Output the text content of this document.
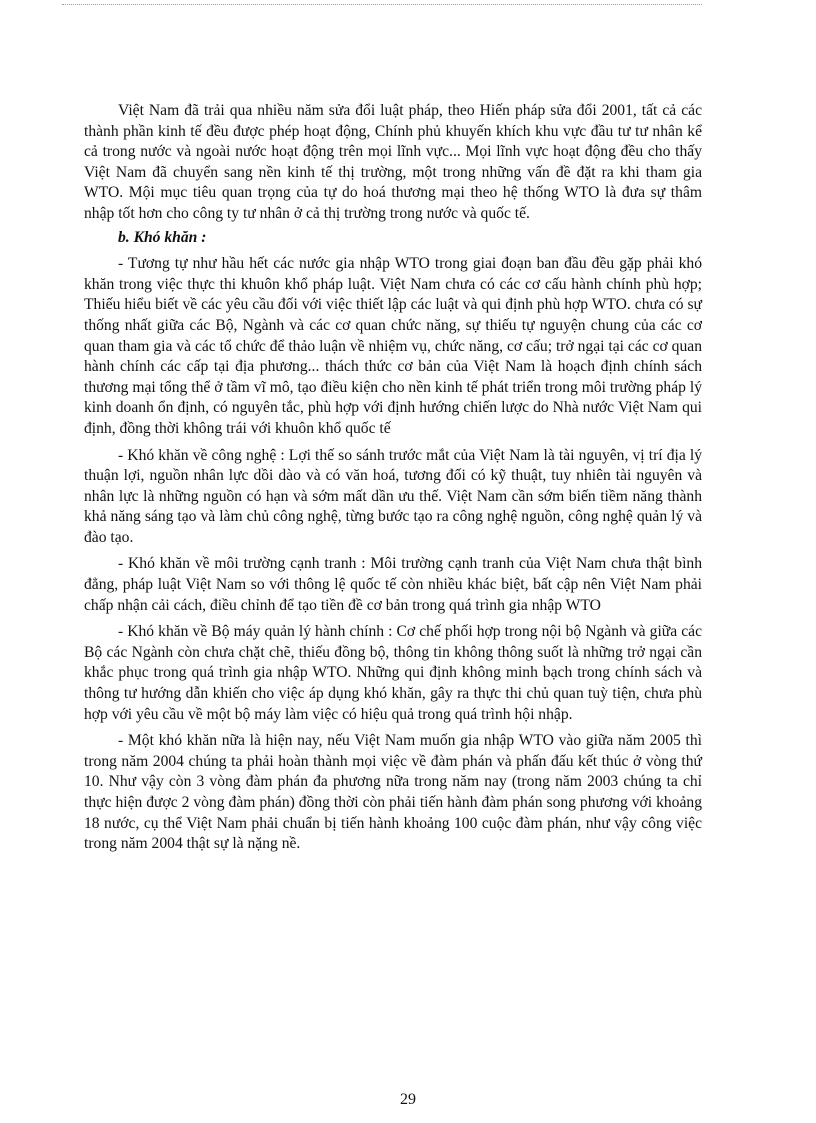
Việt Nam đã trải qua nhiều năm sửa đổi luật pháp, theo Hiến pháp sửa đổi 2001, tất cả các thành phần kinh tế đều được phép hoạt động, Chính phủ khuyến khích khu vực đầu tư tư nhân kể cả trong nước và ngoài nước hoạt động trên mọi lĩnh vực... Mọi lĩnh vực hoạt động đều cho thấy Việt Nam đã chuyển sang nền kinh tế thị trường, một trong những vấn đề đặt ra khi tham gia WTO. Mội mục tiêu quan trọng của tự do hoá thương mại theo hệ thống WTO là đưa sự thâm nhập tốt hơn cho công ty tư nhân ở cả thị trường trong nước và quốc tế.

b. Khó khăn :

- Tương tự như hầu hết các nước gia nhập WTO trong giai đoạn ban đầu đều gặp phải khó khăn trong việc thực thi khuôn khổ pháp luật. Việt Nam chưa có các cơ cấu hành chính phù hợp; Thiếu hiểu biết về các yêu cầu đối với việc thiết lập các luật và qui định phù hợp WTO. chưa có sự thống nhất giữa các Bộ, Ngành và các cơ quan chức năng, sự thiếu tự nguyện chung của các cơ quan tham gia và các tổ chức để thảo luận về nhiệm vụ, chức năng, cơ cấu; trở ngại tại các cơ quan hành chính các cấp tại địa phương... thách thức cơ bản của Việt Nam là hoạch định chính sách thương mại tổng thể ở tầm vĩ mô, tạo điều kiện cho nền kinh tế phát triển trong môi trường pháp lý kinh doanh ổn định, có nguyên tắc, phù hợp với định hướng chiến lược do Nhà nước Việt Nam qui định, đồng thời không trái với khuôn khổ quốc tế

- Khó khăn về công nghệ : Lợi thế so sánh trước mắt của Việt Nam là tài nguyên, vị trí địa lý thuận lợi, nguồn nhân lực dồi dào và có văn hoá, tương đối có kỹ thuật, tuy nhiên tài nguyên và nhân lực là những nguồn có hạn và sớm mất dần ưu thế. Việt Nam cần sớm biến tiềm năng thành khả năng sáng tạo và làm chủ công nghệ, từng bước tạo ra công nghệ nguồn, công nghệ quản lý và đào tạo.

- Khó khăn về môi trường cạnh tranh : Môi trường cạnh tranh của Việt Nam chưa thật bình đẳng, pháp luật Việt Nam so với thông lệ quốc tế còn nhiều khác biệt, bất cập nên Việt Nam phải chấp nhận cải cách, điều chỉnh để tạo tiền đề cơ bản trong quá trình gia nhập WTO

- Khó khăn về Bộ máy quản lý hành chính : Cơ chế phối hợp trong nội bộ Ngành và giữa các Bộ các Ngành còn chưa chặt chẽ, thiếu đồng bộ, thông tin không thông suốt là những trở ngại cần khắc phục trong quá trình gia nhập WTO. Những qui định không minh bạch trong chính sách và thông tư hướng dẫn khiến cho việc áp dụng khó khăn, gây ra thực thi chủ quan tuỳ tiện, chưa phù hợp với yêu cầu về một bộ máy làm việc có hiệu quả trong quá trình hội nhập.

- Một khó khăn nữa là hiện nay, nếu Việt Nam muốn gia nhập WTO vào giữa năm 2005 thì trong năm 2004 chúng ta phải hoàn thành mọi việc về đàm phán và phấn đấu kết thúc ở vòng thứ 10. Như vậy còn 3 vòng đàm phán đa phương nữa trong năm nay (trong năm 2003 chúng ta chỉ thực hiện được 2 vòng đàm phán) đồng thời còn phải tiến hành đàm phán song phương với khoảng 18 nước, cụ thể Việt Nam phải chuẩn bị tiến hành khoảng 100 cuộc đàm phán, như vậy công việc trong năm 2004 thật sự là nặng nề.

29
